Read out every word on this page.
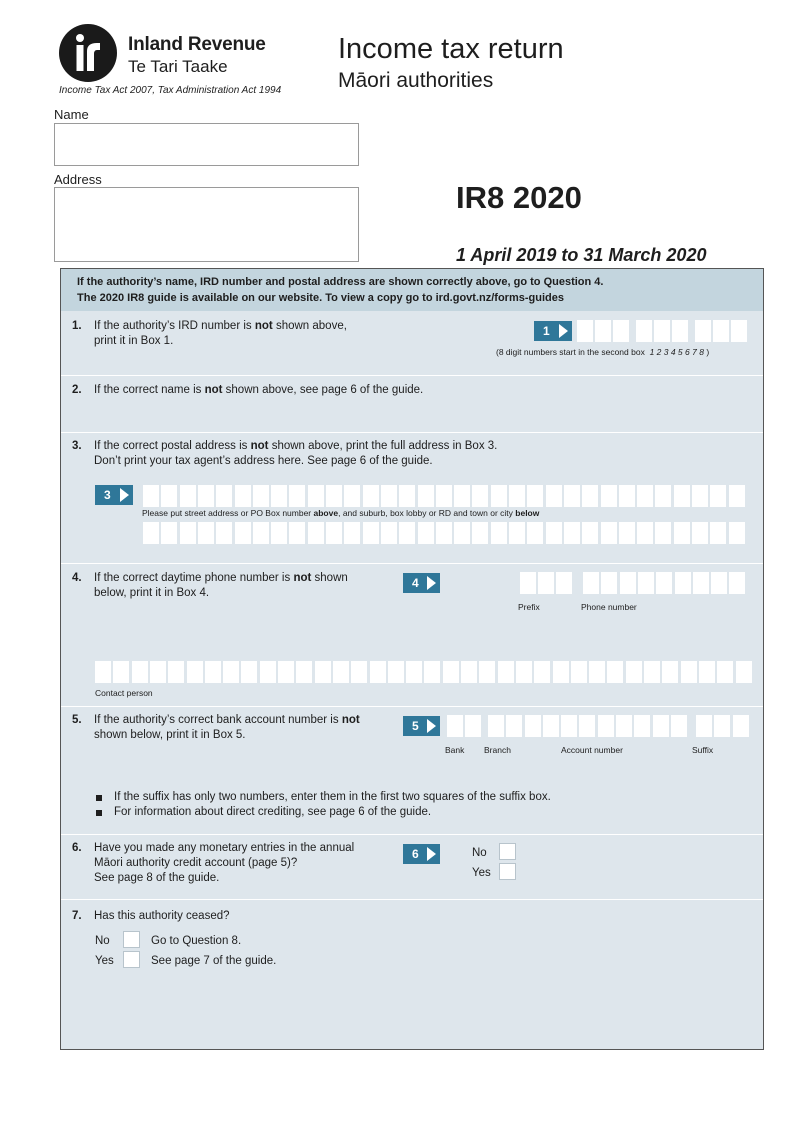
Inland Revenue
Te Tari Taake
Income Tax Act 2007, Tax Administration Act 1994
Income tax return
Māori authorities
Name
Address
IR8 2020
1 April 2019 to 31 March 2020
If the authority’s name, IRD number and postal address are shown correctly above, go to Question 4.
The 2020 IR8 guide is available on our website. To view a copy go to ird.govt.nz/forms-guides
1. If the authority’s IRD number is not shown above,
print it in Box 1.
1
(8 digit numbers start in the second box 1 2 3 4 5 6 7 8 )
2. If the correct name is not shown above, see page 6 of the guide.
3. If the correct postal address is not shown above, print the full address in Box 3.
Don’t print your tax agent’s address here. See page 6 of the guide.
3
Please put street address or PO Box number above, and suburb, box lobby or RD and town or city below
4. If the correct daytime phone number is not shown
below, print it in Box 4.
4
Prefix	Phone number
Contact person
5. If the authority’s correct bank account number is not
shown below, print it in Box 5.
5
Bank Branch	Account number	Suffix
If the suffix has only two numbers, enter them in the first two squares of the suffix box.
For information about direct crediting, see page 6 of the guide.
6. Have you made any monetary entries in the annual
Māori authority credit account (page 5)?
See page 8 of the guide.
6	No
Yes
7. Has this authority ceased?
No	Go to Question 8.
Yes	See page 7 of the guide.
